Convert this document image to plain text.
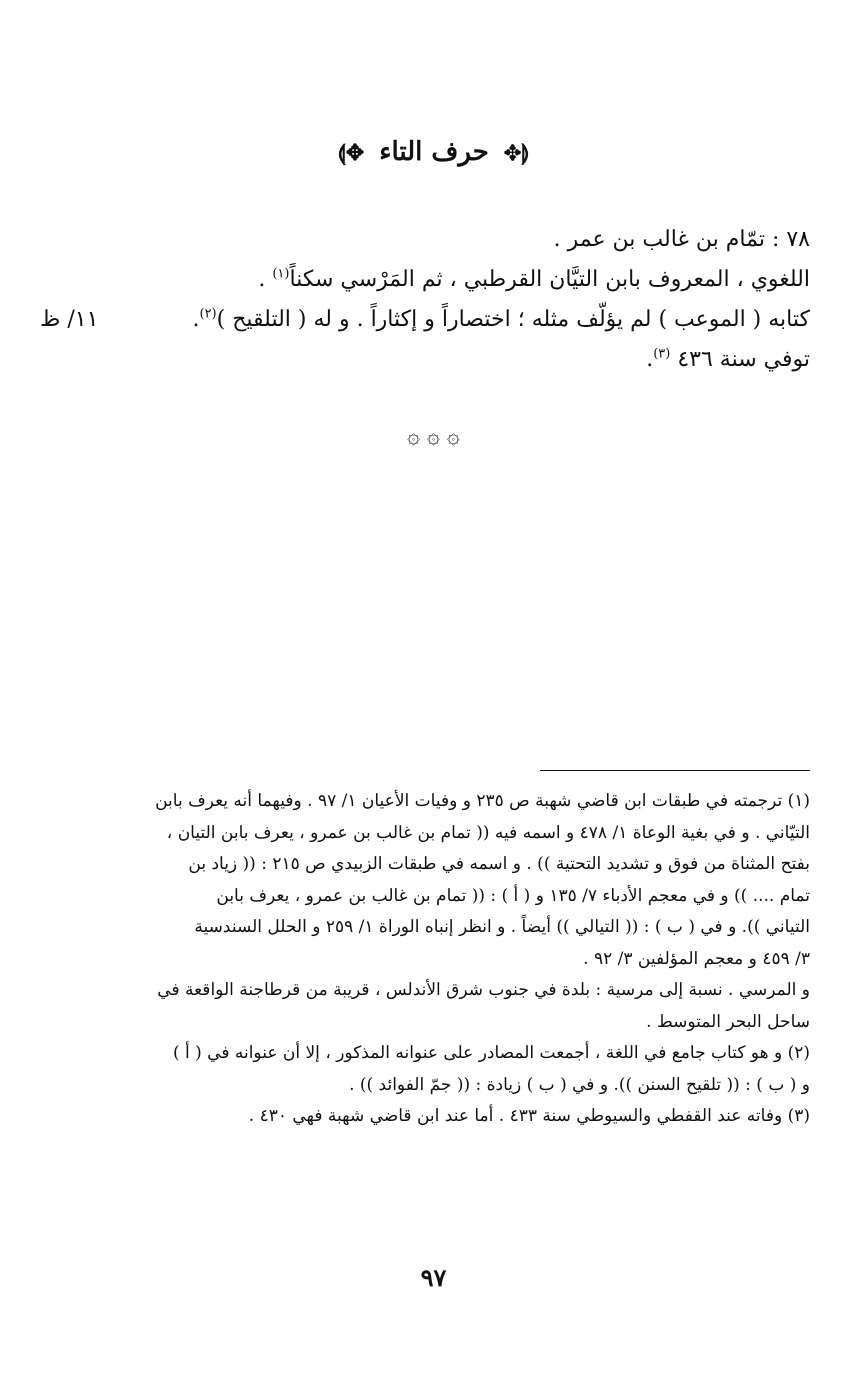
⟬✥ حرف التاء ✥⟭
٧٨ : تمّام بن غالب بن عمر .
اللغوي ، المعروف بابن التيَّان القرطبي ، ثم المَرْسي سكناً$^{(١)}$ .
كتابه ( الموعب ) لم يؤلّف مثله ؛ اختصاراً و إكثاراً . و له ( التلقيح )$^{(٢)}$.
١١/ ظ
توفي سنة ٤٣٦ $^{(٣)}$.
۞ ۞ ۞
(١) ترجمته في طبقات ابن قاضي شهبة ص ٢٣٥ و وفيات الأعيان ١/ ٩٧ . وفيهما أنه يعرف بابن
التيّاني . و في بغية الوعاة ١/ ٤٧٨ و اسمه فيه (( تمام بن غالب بن عمرو ، يعرف بابن التيان ،
بفتح المثناة من فوق و تشديد التحتية )) . و اسمه في طبقات الزبيدي ص ٢١٥ : (( زياد بن
تمام .... )) و في معجم الأدباء ٧/ ١٣٥ و ( أ ) : (( تمام بن غالب بن عمرو ، يعرف بابن
التياني )). و في ( ب ) : (( التيالي )) أيضاً . و انظر إنباه الوراة ١/ ٢٥٩ و الحلل السندسية
٣/ ٤٥٩ و معجم المؤلفين ٣/ ٩٢ .
و المرسي . نسبة إلى مرسية : بلدة في جنوب شرق الأندلس ، قريبة من قرطاجنة الواقعة في
ساحل البحر المتوسط .
(٢) و هو كتاب جامع في اللغة ، أجمعت المصادر على عنوانه المذكور ، إلا أن عنوانه في ( أ )
و ( ب ) : (( تلقيح السنن )). و في ( ب ) زيادة : (( جمّ الفوائد )) .
(٣) وفاته عند القفطي والسيوطي سنة ٤٣٣ . أما عند ابن قاضي شهبة فهي ٤٣٠ .
٩٧
